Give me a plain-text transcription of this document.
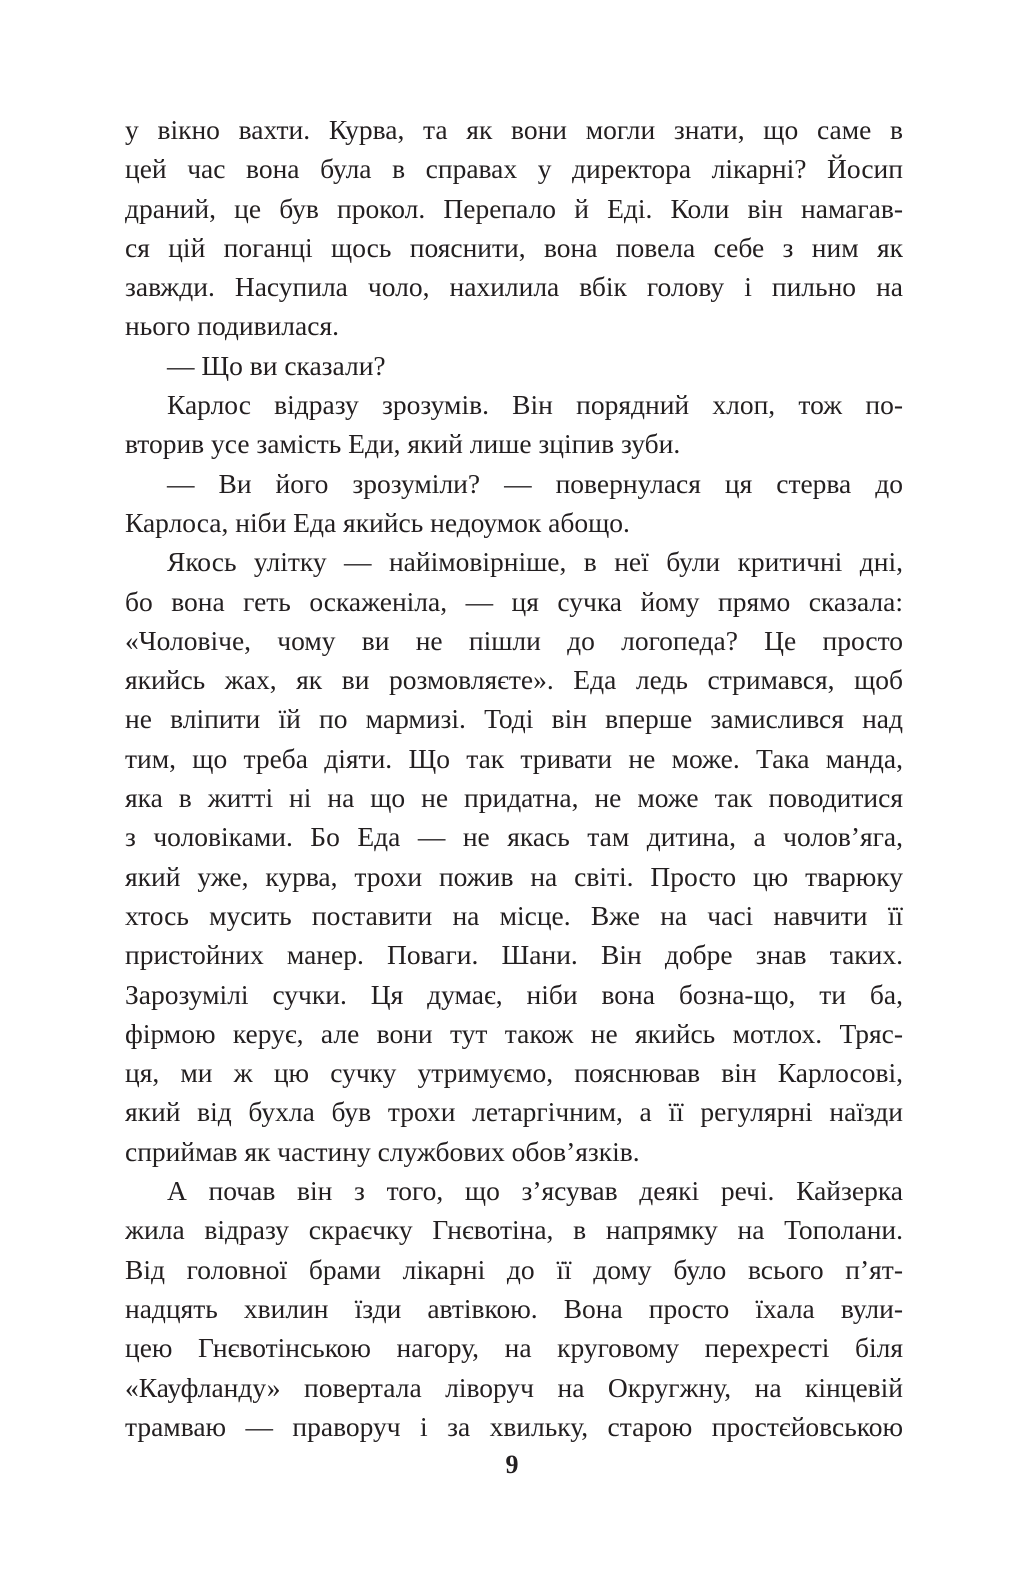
у вікно вахти. Курва, та як вони могли знати, що саме в
цей час вона була в справах у директора лікарні? Йосип
драний, це був прокол. Перепало й Еді. Коли він намагав-
ся цій поганці щось пояснити, вона повела себе з ним як
завжди. Насупила чоло, нахилила вбік голову і пильно на
нього подивилася.
— Що ви сказали?
Карлос відразу зрозумів. Він порядний хлоп, тож по-
вторив усе замість Еди, який лише зціпив зуби.
— Ви його зрозуміли? — повернулася ця стерва до
Карлоса, ніби Еда якийсь недоумок абощо.
Якось улітку — найімовірніше, в неї були критичні дні,
бо вона геть оскаженіла, — ця сучка йому прямо сказала:
«Чоловіче, чому ви не пішли до логопеда? Це просто
якийсь жах, як ви розмовляєте». Еда ледь стримався, щоб
не вліпити їй по мармизі. Тоді він вперше замислився над
тим, що треба діяти. Що так тривати не може. Така манда,
яка в житті ні на що не придатна, не може так поводитися
з чоловіками. Бо Еда — не якась там дитина, а чолов’яга,
який уже, курва, трохи пожив на світі. Просто цю тварюку
хтось мусить поставити на місце. Вже на часі навчити її
пристойних манер. Поваги. Шани. Він добре знав таких.
Зарозумілі сучки. Ця думає, ніби вона бозна-що, ти ба,
фірмою керує, але вони тут також не якийсь мотлох. Тряс-
ця, ми ж цю сучку утримуємо, пояснював він Карлосові,
який від бухла був трохи летаргічним, а її регулярні наїзди
сприймав як частину службових обов’язків.
А почав він з того, що з’ясував деякі речі. Кайзерка
жила відразу скраєчку Гнєвотіна, в напрямку на Тополани.
Від головної брами лікарні до її дому було всього п’ят-
надцять хвилин їзди автівкою. Вона просто їхала вули-
цею Гнєвотінською нагору, на круговому перехресті біля
«Кауфланду» повертала ліворуч на Округжну, на кінцевій
трамваю — праворуч і за хвильку, старою простєйовською
9
